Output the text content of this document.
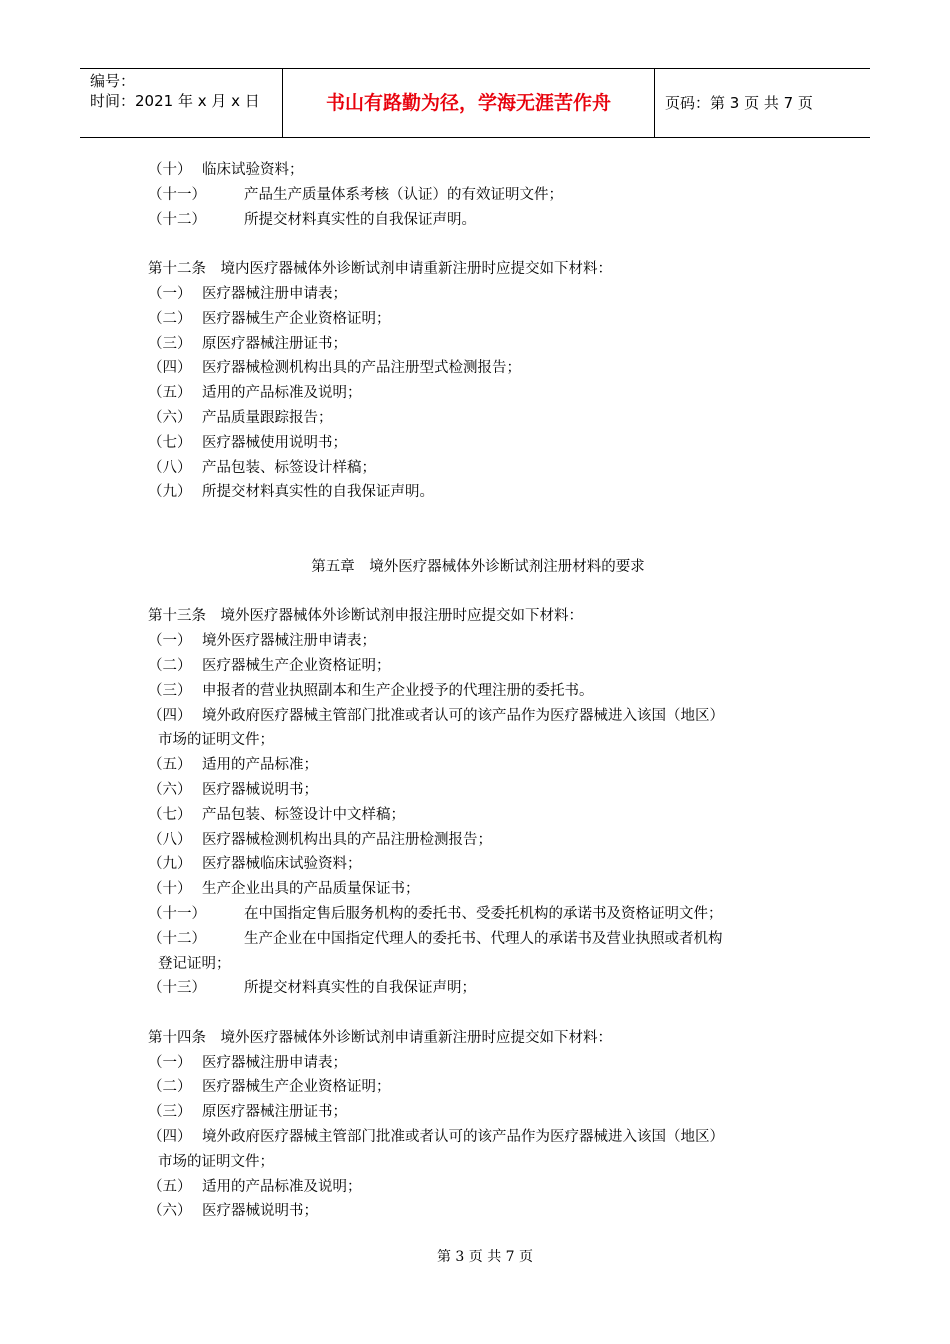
编号：
时间：2021 年 x 月 x 日	书山有路勤为径，学海无涯苦作舟	页码：第 3 页 共 7 页
（十） 临床试验资料；
（十一）	产品生产质量体系考核（认证）的有效证明文件；
（十二）	所提交材料真实性的自我保证声明。
第十二条　境内医疗器械体外诊断试剂申请重新注册时应提交如下材料：
（一） 医疗器械注册申请表；
（二） 医疗器械生产企业资格证明；
（三） 原医疗器械注册证书；
（四） 医疗器械检测机构出具的产品注册型式检测报告；
（五） 适用的产品标准及说明；
（六） 产品质量跟踪报告；
（七） 医疗器械使用说明书；
（八） 产品包装、标签设计样稿；
（九） 所提交材料真实性的自我保证声明。
第五章　境外医疗器械体外诊断试剂注册材料的要求
第十三条　境外医疗器械体外诊断试剂申报注册时应提交如下材料：
（一） 境外医疗器械注册申请表；
（二） 医疗器械生产企业资格证明；
（三） 申报者的营业执照副本和生产企业授予的代理注册的委托书。
（四） 境外政府医疗器械主管部门批准或者认可的该产品作为医疗器械进入该国（地区）
市场的证明文件；
（五） 适用的产品标准；
（六） 医疗器械说明书；
（七） 产品包装、标签设计中文样稿；
（八） 医疗器械检测机构出具的产品注册检测报告；
（九） 医疗器械临床试验资料；
（十） 生产企业出具的产品质量保证书；
（十一）	在中国指定售后服务机构的委托书、受委托机构的承诺书及资格证明文件；
（十二）	生产企业在中国指定代理人的委托书、代理人的承诺书及营业执照或者机构
登记证明；
（十三）	所提交材料真实性的自我保证声明；
第十四条　境外医疗器械体外诊断试剂申请重新注册时应提交如下材料：
（一） 医疗器械注册申请表；
（二） 医疗器械生产企业资格证明；
（三） 原医疗器械注册证书；
（四） 境外政府医疗器械主管部门批准或者认可的该产品作为医疗器械进入该国（地区）
市场的证明文件；
（五） 适用的产品标准及说明；
（六） 医疗器械说明书；
第 3 页 共 7 页
